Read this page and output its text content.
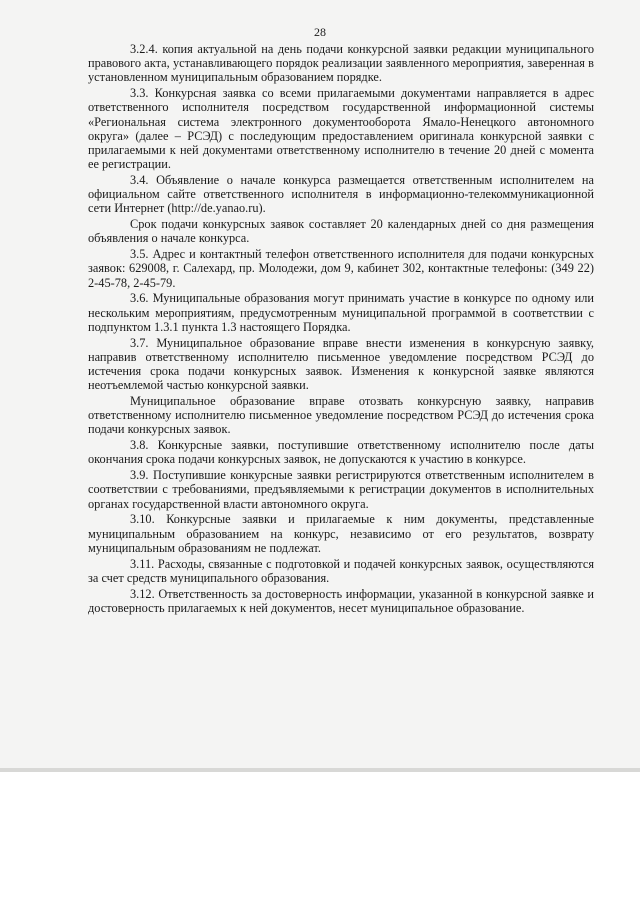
28

3.2.4. копия актуальной на день подачи конкурсной заявки редакции муниципального правового акта, устанавливающего порядок реализации заявленного мероприятия, заверенная в установленном муниципальным образованием порядке.

3.3. Конкурсная заявка со всеми прилагаемыми документами направляется в адрес ответственного исполнителя посредством государственной информационной системы «Региональная система электронного документооборота Ямало-Ненецкого автономного округа» (далее – РСЭД) с последующим предоставлением оригинала конкурсной заявки с прилагаемыми к ней документами ответственному исполнителю в течение 20 дней с момента ее регистрации.

3.4. Объявление о начале конкурса размещается ответственным исполнителем на официальном сайте ответственного исполнителя в информационно-телекоммуникационной сети Интернет (http://de.yanao.ru).

Срок подачи конкурсных заявок составляет 20 календарных дней со дня размещения объявления о начале конкурса.

3.5. Адрес и контактный телефон ответственного исполнителя для подачи конкурсных заявок: 629008, г. Салехард, пр. Молодежи, дом 9, кабинет 302, контактные телефоны: (349 22) 2-45-78, 2-45-79.

3.6. Муниципальные образования могут принимать участие в конкурсе по одному или нескольким мероприятиям, предусмотренным муниципальной программой в соответствии с подпунктом 1.3.1 пункта 1.3 настоящего Порядка.

3.7. Муниципальное образование вправе внести изменения в конкурсную заявку, направив ответственному исполнителю письменное уведомление посредством РСЭД до истечения срока подачи конкурсных заявок. Изменения к конкурсной заявке являются неотъемлемой частью конкурсной заявки.

Муниципальное образование вправе отозвать конкурсную заявку, направив ответственному исполнителю письменное уведомление посредством РСЭД до истечения срока подачи конкурсных заявок.

3.8. Конкурсные заявки, поступившие ответственному исполнителю после даты окончания срока подачи конкурсных заявок, не допускаются к участию в конкурсе.

3.9. Поступившие конкурсные заявки регистрируются ответственным исполнителем в соответствии с требованиями, предъявляемыми к регистрации документов в исполнительных органах государственной власти автономного округа.

3.10. Конкурсные заявки и прилагаемые к ним документы, представленные муниципальным образованием на конкурс, независимо от его результатов, возврату муниципальным образованиям не подлежат.

3.11. Расходы, связанные с подготовкой и подачей конкурсных заявок, осуществляются за счет средств муниципального образования.

3.12. Ответственность за достоверность информации, указанной в конкурсной заявке и достоверность прилагаемых к ней документов, несет муниципальное образование.
